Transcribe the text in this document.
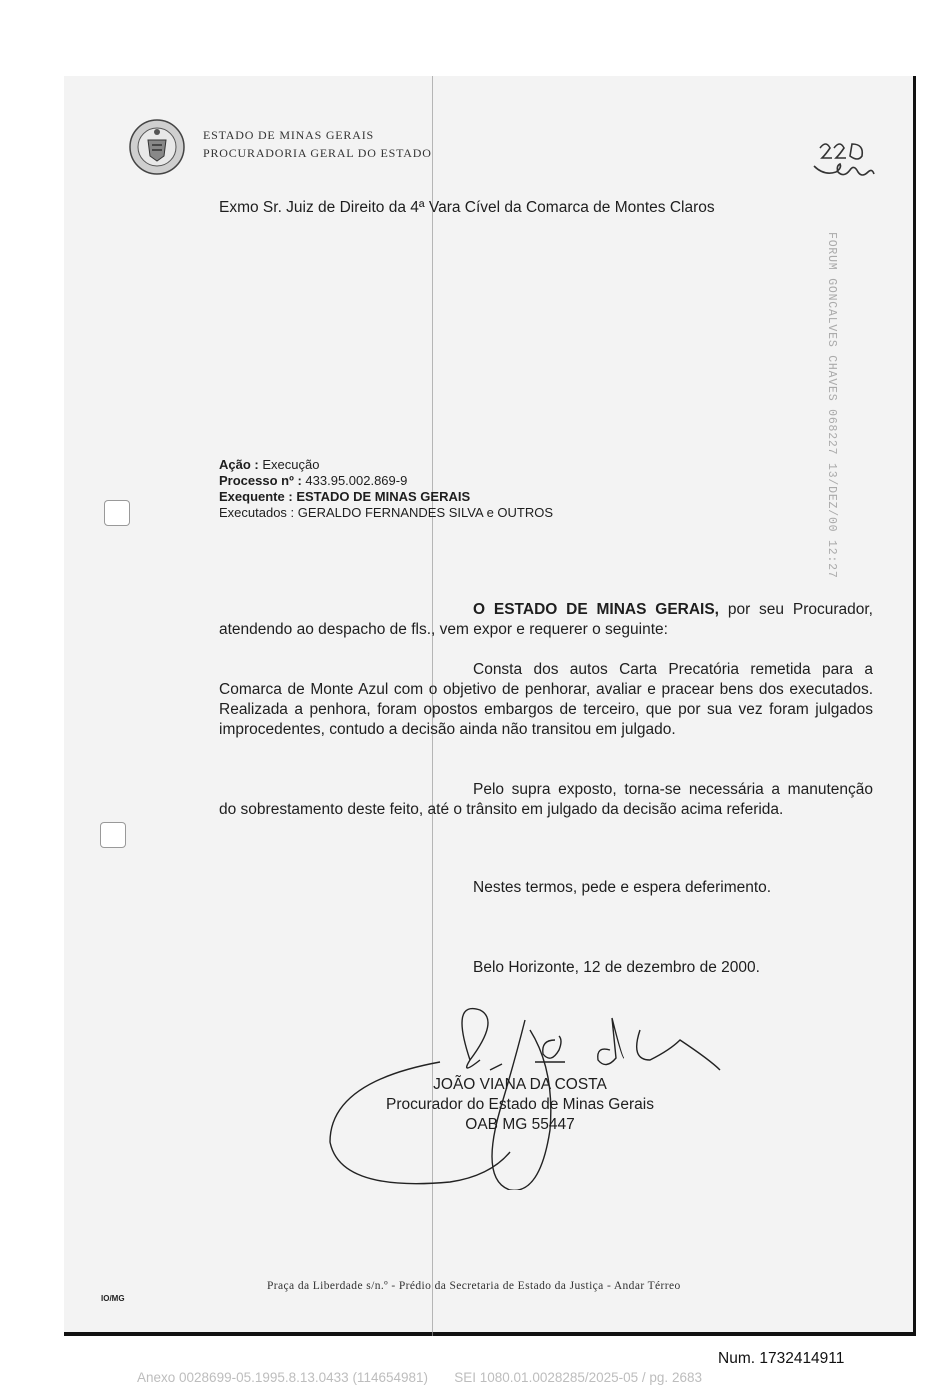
ESTADO DE MINAS GERAIS
PROCURADORIA GERAL DO ESTADO
Exmo Sr. Juiz de Direito da 4ª Vara Cível da Comarca de Montes Claros
FORUM GONCALVES CHAVES 068227 13/DEZ/00 12:27
Ação : Execução
Processo nº : 433.95.002.869-9
Exequente : ESTADO DE MINAS GERAIS
Executados : GERALDO FERNANDES SILVA e OUTROS
O ESTADO DE MINAS GERAIS, por seu Procurador, atendendo ao despacho de fls., vem expor e requerer o seguinte:
Consta dos autos Carta Precatória remetida para a Comarca de Monte Azul com o objetivo de penhorar, avaliar e pracear bens dos executados. Realizada a penhora, foram opostos embargos de terceiro, que por sua vez foram julgados improcedentes, contudo a decisão ainda não transitou em julgado.
Pelo supra exposto, torna-se necessária a manutenção do sobrestamento deste feito, até o trânsito em julgado da decisão acima referida.
Nestes termos, pede e espera deferimento.
Belo Horizonte, 12 de dezembro de 2000.
JOÃO VIANA DA COSTA
Procurador do Estado de Minas Gerais
OAB MG 55447
Praça da Liberdade s/n.º - Prédio da Secretaria de Estado da Justiça - Andar Térreo
IO/MG
Num. 1732414911
Anexo 0028699-05.1995.8.13.0433 (114654981)       SEI 1080.01.0028285/2025-05 / pg. 2683
